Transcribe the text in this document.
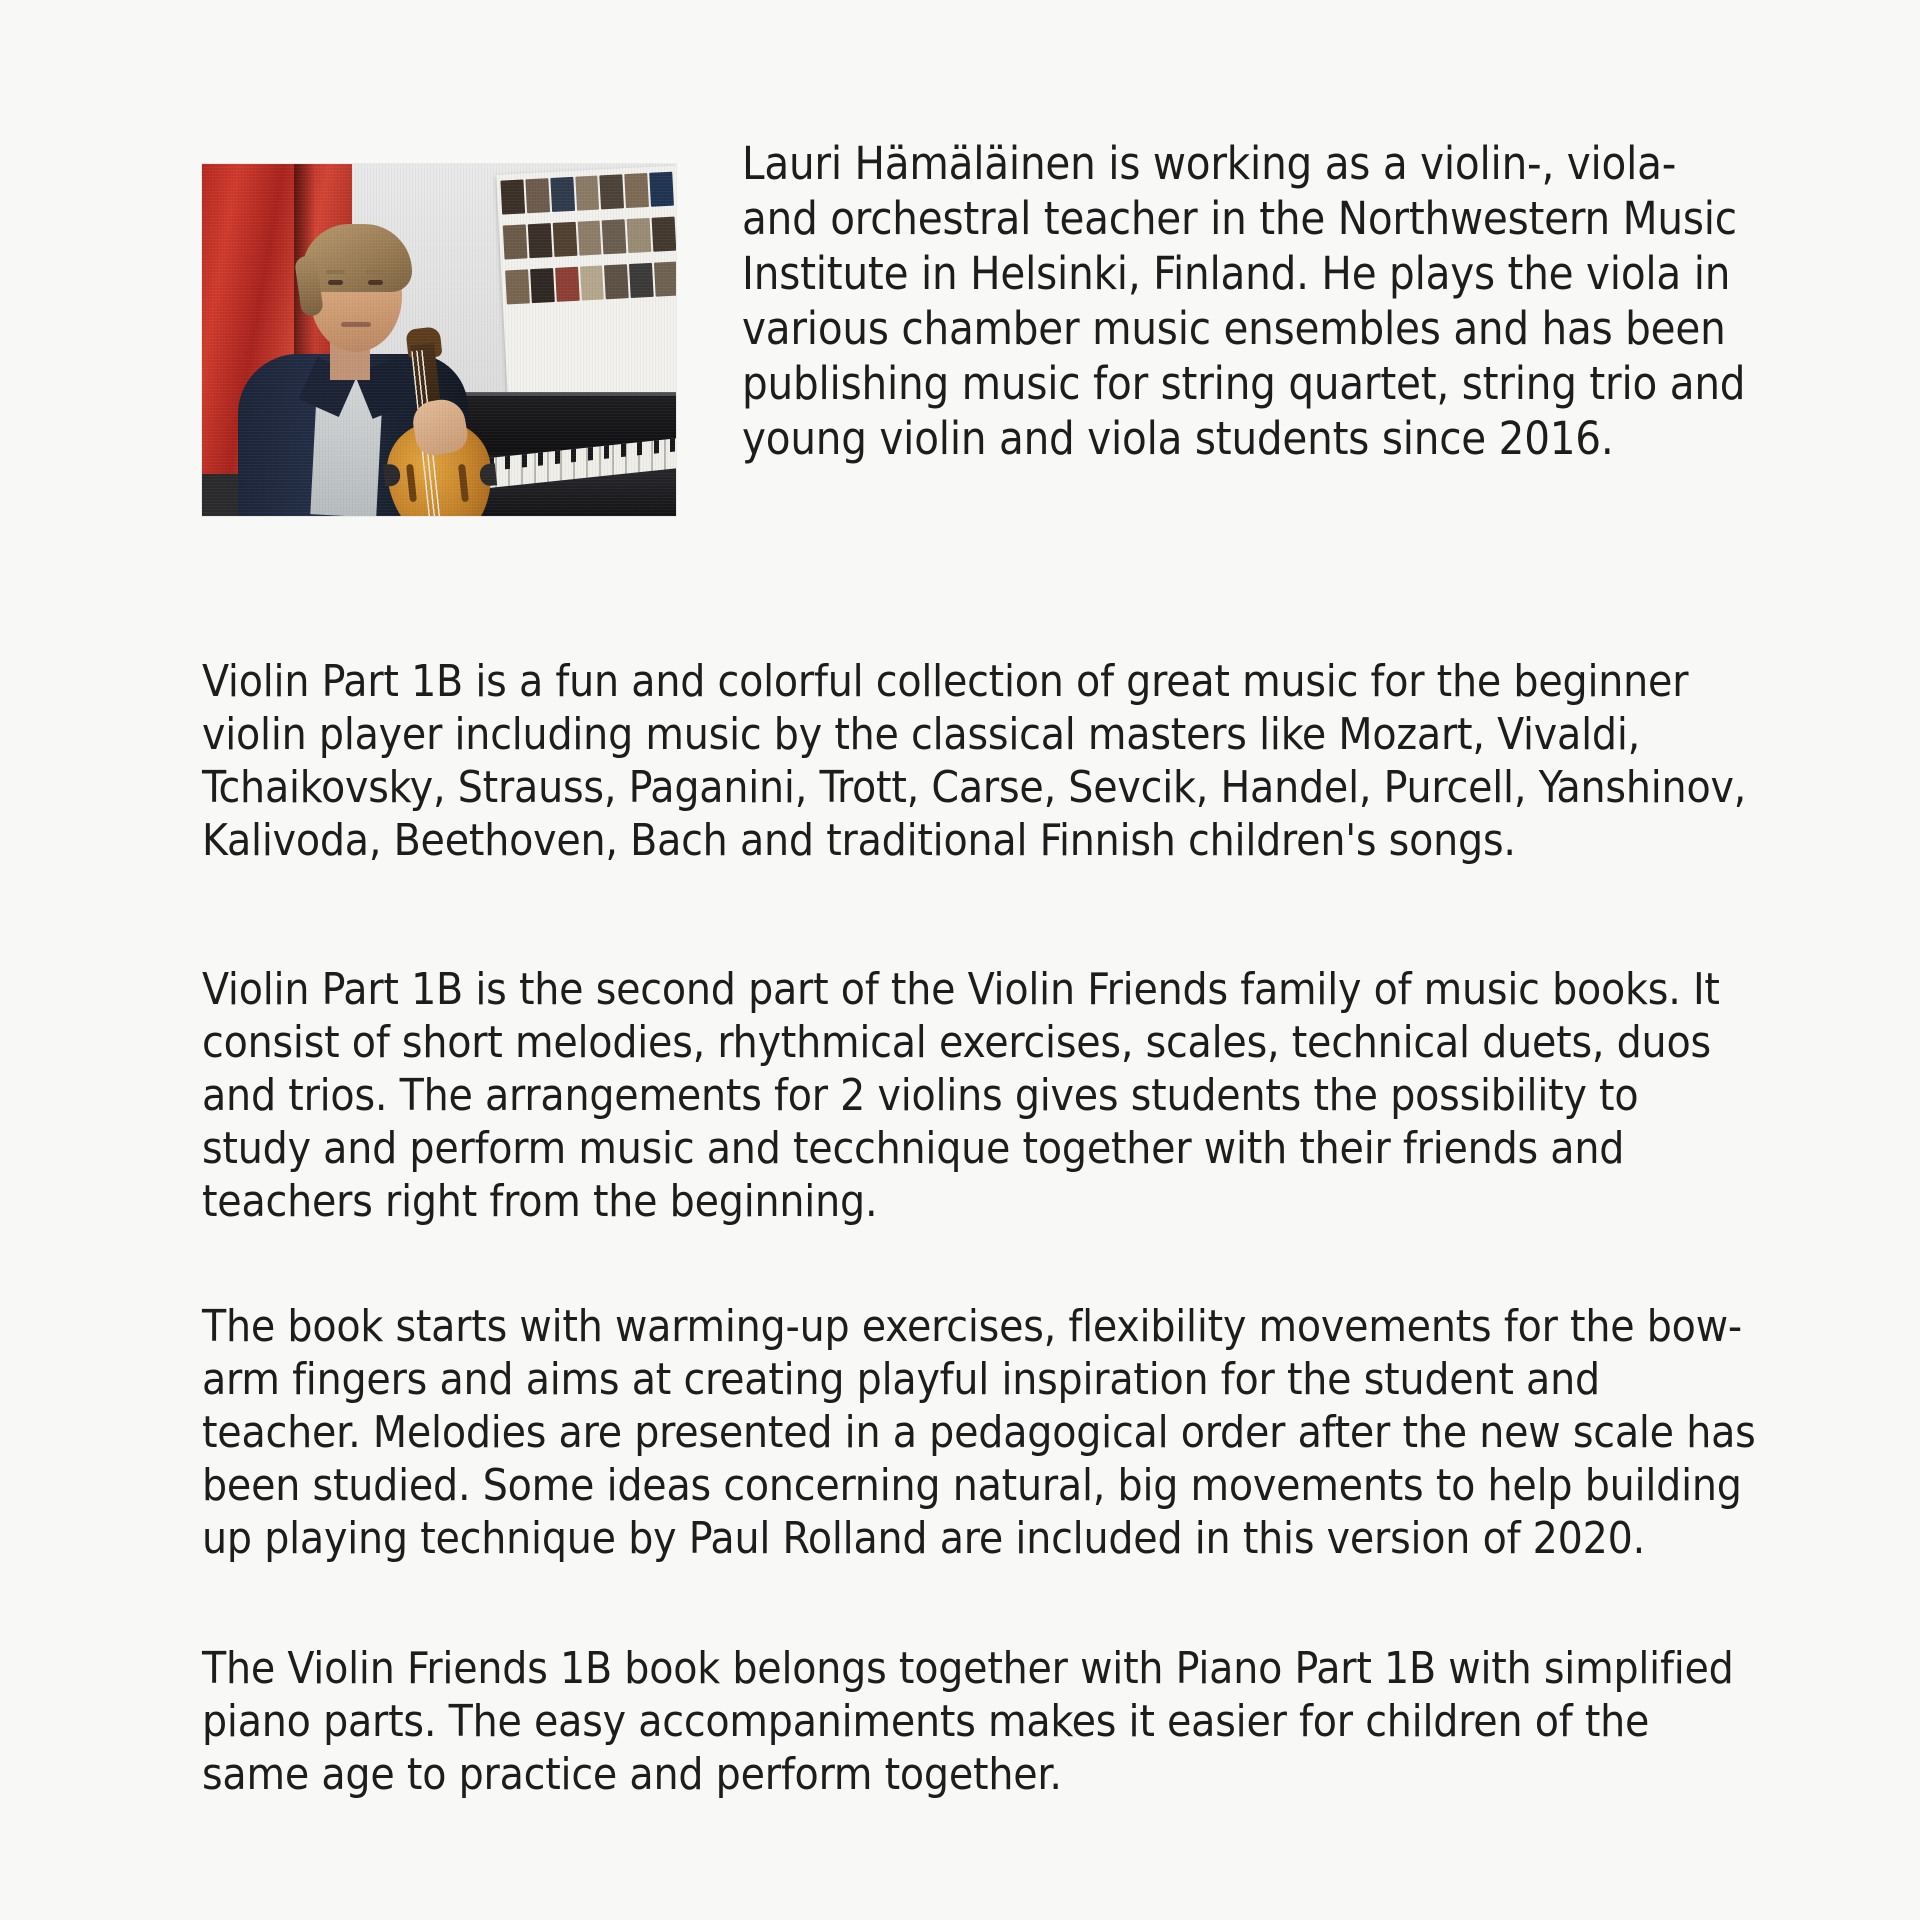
Lauri Hämäläinen is working as a violin-, viola- and orchestral teacher in the Northwestern Music Institute in Helsinki, Finland. He plays the viola in various chamber music ensembles and has been publishing music for string quartet, string trio and young violin and viola students since 2016.
Violin Part 1B is a fun and colorful collection of great music for the beginner violin player including music by the classical masters like Mozart, Vivaldi, Tchaikovsky, Strauss, Paganini, Trott, Carse, Sevcik, Handel, Purcell, Yanshinov, Kalivoda, Beethoven, Bach and traditional Finnish children's songs.
Violin Part 1B is the second part of the Violin Friends family of music books. It consist of short melodies, rhythmical exercises, scales, technical duets, duos and trios. The arrangements for 2 violins gives students the possibility to study and perform music and tecchnique together with their friends and teachers right from the beginning.
The book starts with warming-up exercises, flexibility movements for the bow-arm fingers and aims at creating playful inspiration for the student and teacher. Melodies are presented in a pedagogical order after the new scale has been studied. Some ideas concerning natural, big movements to help building up playing technique by Paul Rolland are included in this version of 2020.
The Violin Friends 1B book belongs together with Piano Part 1B with simplified piano parts. The easy accompaniments makes it easier for children of the same age to practice and perform together.
